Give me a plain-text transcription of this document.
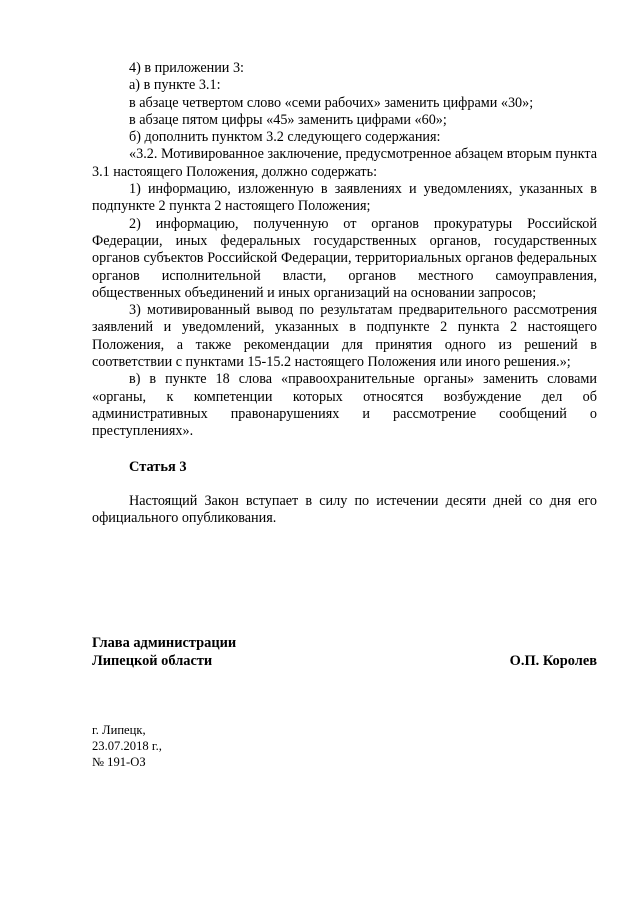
4) в приложении 3:

а) в пункте 3.1:

в абзаце четвертом слово «семи рабочих» заменить цифрами «30»;

в абзаце пятом цифры «45» заменить цифрами «60»;

б) дополнить пунктом 3.2 следующего содержания:

«3.2. Мотивированное заключение, предусмотренное абзацем вторым пункта 3.1 настоящего Положения, должно содержать:

1) информацию, изложенную в заявлениях и уведомлениях, указанных в подпункте 2 пункта 2 настоящего Положения;

2) информацию, полученную от органов прокуратуры Российской Федерации, иных федеральных государственных органов, государственных органов субъектов Российской Федерации, территориальных органов федеральных органов исполнительной власти, органов местного самоуправления, общественных объединений и иных организаций на основании запросов;

3) мотивированный вывод по результатам предварительного рассмотрения заявлений и уведомлений, указанных в подпункте 2 пункта 2 настоящего Положения, а также рекомендации для принятия одного из решений в соответствии с пунктами 15-15.2 настоящего Положения или иного решения.»;

в) в пункте 18 слова «правоохранительные органы» заменить словами «органы, к компетенции которых относятся возбуждение дел об административных правонарушениях и рассмотрение сообщений о преступлениях».

Статья 3

Настоящий Закон вступает в силу по истечении десяти дней со дня его официального опубликования.

Глава администрации
Липецкой области	О.П. Королев
г. Липецк,
23.07.2018 г.,
№ 191-ОЗ
